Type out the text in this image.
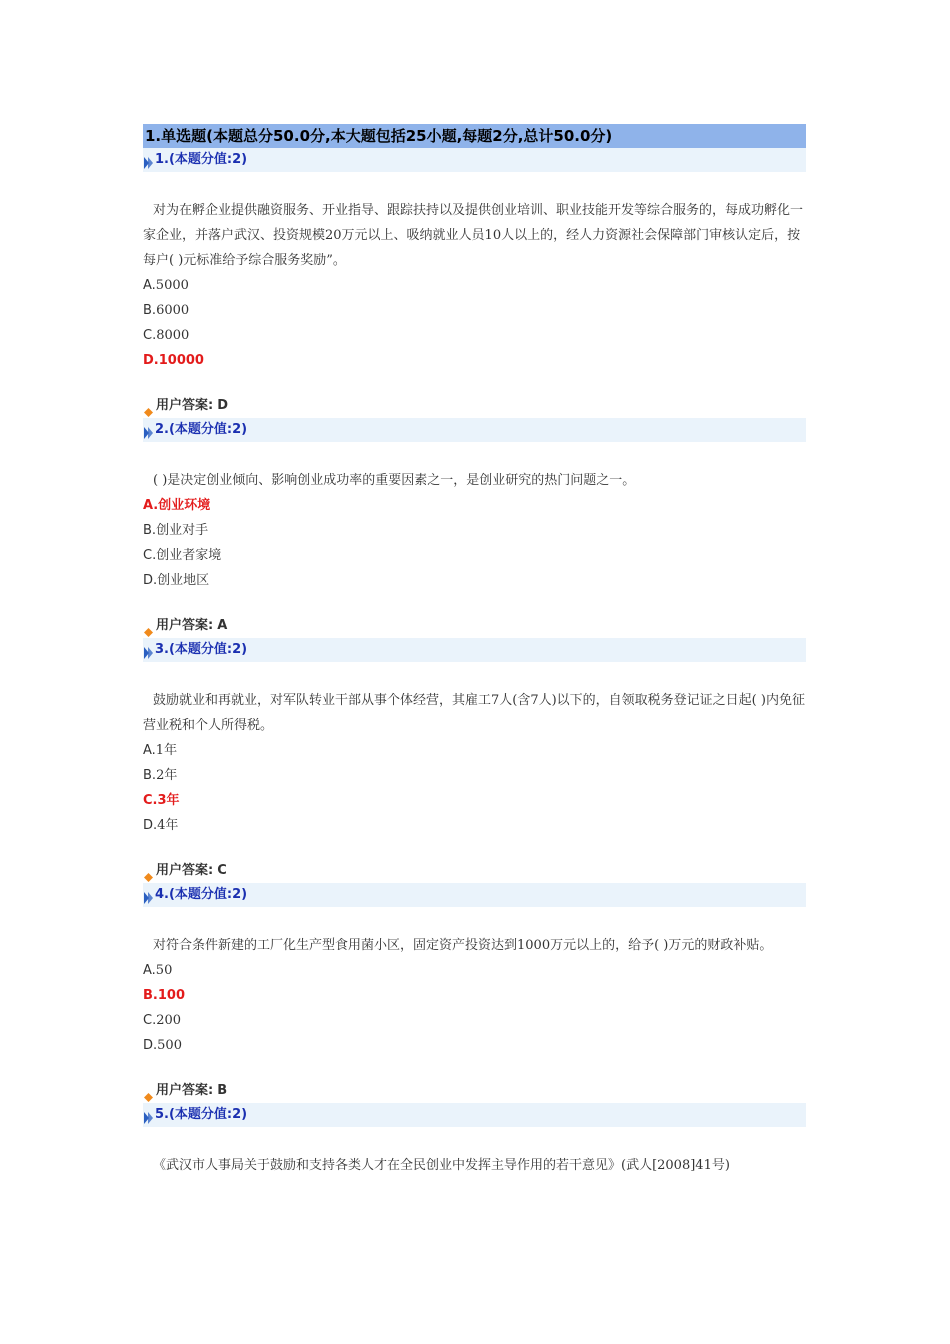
1.单选题(本题总分50.0分,本大题包括25小题,每题2分,总计50.0分)
1.(本题分值:2)

对为在孵企业提供融资服务、开业指导、跟踪扶持以及提供创业培训、职业技能开发等综合服务的，每成功孵化一家企业，并落户武汉、投资规模20万元以上、吸纳就业人员10人以上的，经人力资源社会保障部门审核认定后，按每户( )元标准给予综合服务奖励”。

A.5000
B.6000
C.8000
D.10000
用户答案: D
2.(本题分值:2)

( )是决定创业倾向、影响创业成功率的重要因素之一，是创业研究的热门问题之一。

A.创业环境
B.创业对手
C.创业者家境
D.创业地区
用户答案: A
3.(本题分值:2)

鼓励就业和再就业，对军队转业干部从事个体经营，其雇工7人(含7人)以下的，自领取税务登记证之日起( )内免征营业税和个人所得税。

A.1年
B.2年
C.3年
D.4年
用户答案: C
4.(本题分值:2)

对符合条件新建的工厂化生产型食用菌小区，固定资产投资达到1000万元以上的，给予( )万元的财政补贴。

A.50
B.100
C.200
D.500
用户答案: B
5.(本题分值:2)

《武汉市人事局关于鼓励和支持各类人才在全民创业中发挥主导作用的若干意见》(武人[2008]41号)
